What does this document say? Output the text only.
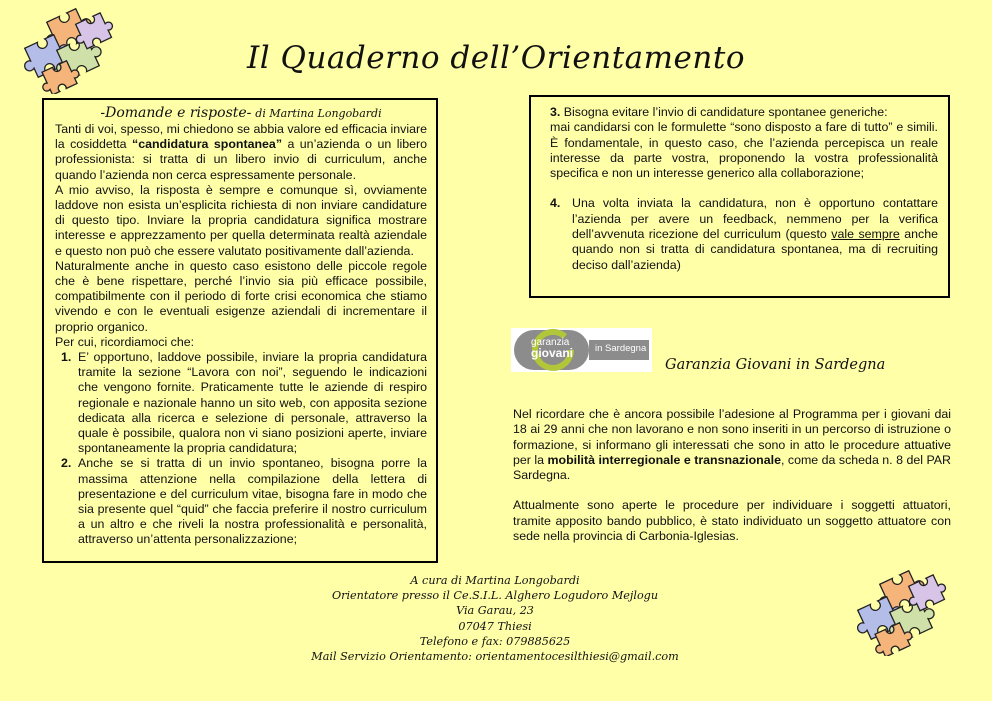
Il Quaderno dell’Orientamento
-Domande e risposte- di Martina Longobardi

Tanti di voi, spesso, mi chiedono se abbia valore ed efficacia inviare la cosiddetta “candidatura spontanea” a un’azienda o un libero professionista: si tratta di un libero invio di curriculum, anche quando l’azienda non cerca espressamente personale.

A mio avviso, la risposta è sempre e comunque sì, ovviamente laddove non esista un’esplicita richiesta di non inviare candidature di questo tipo. Inviare la propria candidatura significa mostrare interesse e apprezzamento per quella determinata realtà aziendale e questo non può che essere valutato positivamente dall’azienda.

Naturalmente anche in questo caso esistono delle piccole regole che è bene rispettare, perché l’invio sia più efficace possibile, compatibilmente con il periodo di forte crisi economica che stiamo vivendo e con le eventuali esigenze aziendali di incrementare il proprio organico.

Per cui, ricordiamoci che:

1. E’ opportuno, laddove possibile, inviare la propria candidatura tramite la sezione “Lavora con noi”, seguendo le indicazioni che vengono fornite. Praticamente tutte le aziende di respiro regionale e nazionale hanno un sito web, con apposita sezione dedicata alla ricerca e selezione di personale, attraverso la quale è possibile, qualora non vi siano posizioni aperte, inviare spontaneamente la propria candidatura;
2. Anche se si tratta di un invio spontaneo, bisogna porre la massima attenzione nella compilazione della lettera di presentazione e del curriculum vitae, bisogna fare in modo che sia presente quel “quid” che faccia preferire il nostro curriculum a un altro e che riveli la nostra professionalità e personalità, attraverso un’attenta personalizzazione;

3. Bisogna evitare l’invio di candidature spontanee generiche:

mai candidarsi con le formulette “sono disposto a fare di tutto” e simili. È fondamentale, in questo caso, che l’azienda percepisca un reale interesse da parte vostra, proponendo la vostra professionalità specifica e non un interesse generico alla collaborazione;

4. Una volta inviata la candidatura, non è opportuno contattare l’azienda per avere un feedback, nemmeno per la verifica dell’avvenuta ricezione del curriculum (questo vale sempre anche quando non si tratta di candidatura spontanea, ma di recruiting deciso dall’azienda)

garanzia
giovani in Sardegna
Garanzia Giovani in Sardegna

Nel ricordare che è ancora possibile l’adesione al Programma per i giovani dai 18 ai 29 anni che non lavorano e non sono inseriti in un percorso di istruzione o formazione, si informano gli interessati che sono in atto le procedure attuative per la mobilità interregionale e transnazionale, come da scheda n. 8 del PAR Sardegna.

Attualmente sono aperte le procedure per individuare i soggetti attuatori, tramite apposito bando pubblico, è stato individuato un soggetto attuatore con sede nella provincia di Carbonia-Iglesias.

A cura di Martina Longobardi
Orientatore presso il Ce.S.I.L. Alghero Logudoro Mejlogu
Via Garau, 23
07047 Thiesi
Telefono e fax: 079885625
Mail Servizio Orientamento: orientamentocesilthiesi@gmail.com
